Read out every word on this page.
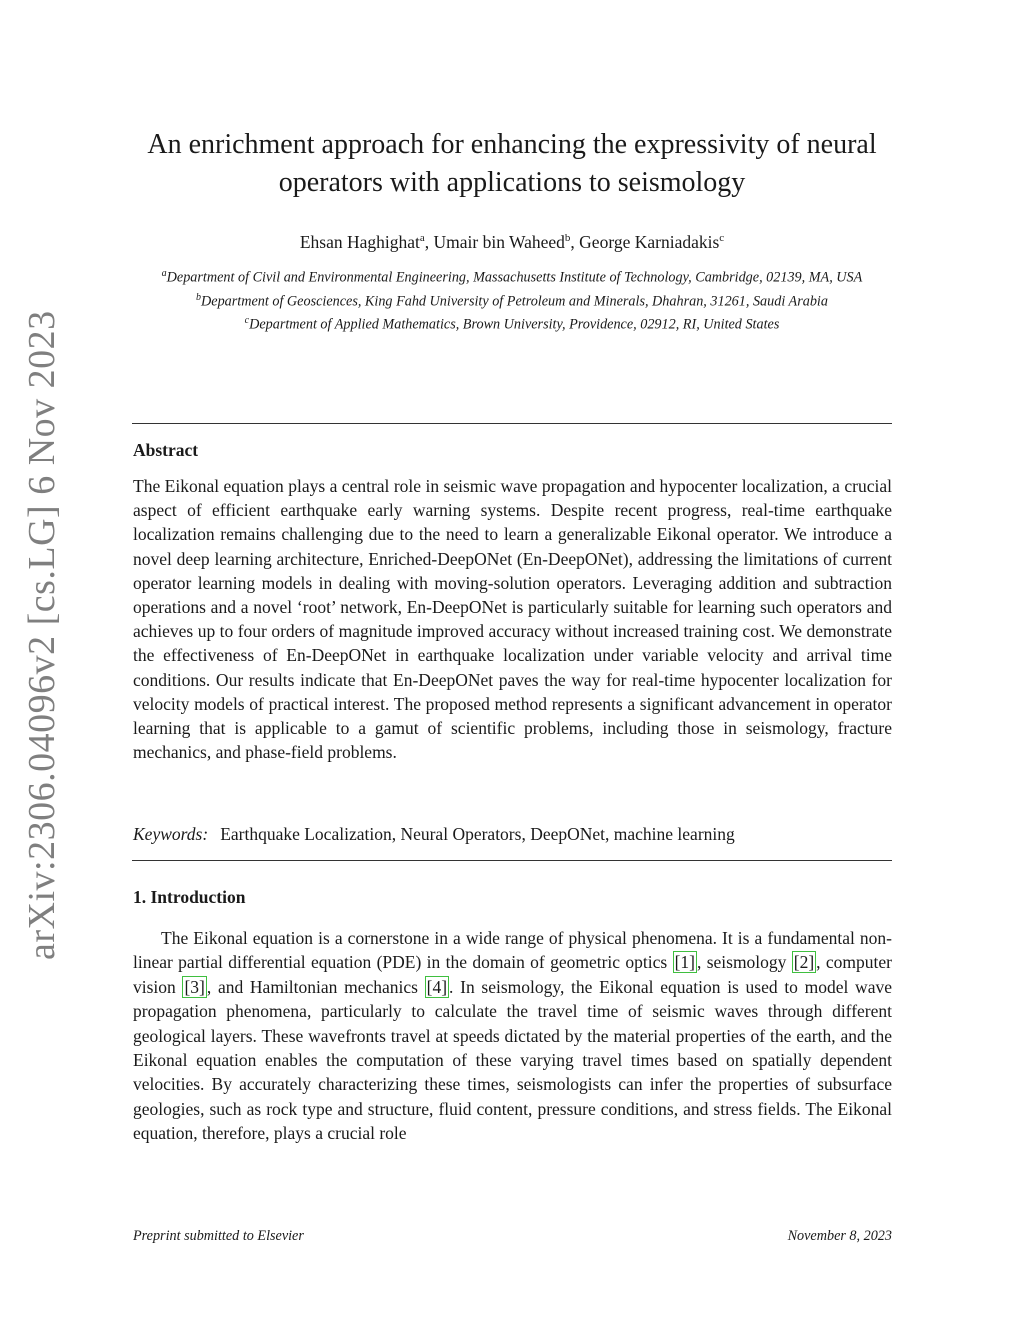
arXiv:2306.04096v2 [cs.LG] 6 Nov 2023
An enrichment approach for enhancing the expressivity of neural operators with applications to seismology
Ehsan Haghighat$^a$, Umair bin Waheed$^b$, George Karniadakis$^c$

$^a$Department of Civil and Environmental Engineering, Massachusetts Institute of Technology, Cambridge, 02139, MA, USA

$^b$Department of Geosciences, King Fahd University of Petroleum and Minerals, Dhahran, 31261, Saudi Arabia

$^c$Department of Applied Mathematics, Brown University, Providence, 02912, RI, United States

Abstract
The Eikonal equation plays a central role in seismic wave propagation and hypocenter localization, a crucial aspect of efficient earthquake early warning systems. Despite recent progress, real-time earthquake localization remains challenging due to the need to learn a generalizable Eikonal operator. We introduce a novel deep learning architecture, Enriched-DeepONet (En-DeepONet), addressing the limitations of current operator learning models in dealing with moving-solution operators. Leveraging addition and subtraction operations and a novel ‘root’ network, En-DeepONet is particularly suitable for learning such operators and achieves up to four orders of magnitude improved accuracy without increased training cost. We demonstrate the effectiveness of En-DeepONet in earthquake localization under variable velocity and arrival time conditions. Our results indicate that En-DeepONet paves the way for real-time hypocenter localization for velocity models of practical interest. The proposed method represents a significant advancement in operator learning that is applicable to a gamut of scientific problems, including those in seismology, fracture mechanics, and phase-field problems.
Keywords: Earthquake Localization, Neural Operators, DeepONet, machine learning
1. Introduction
The Eikonal equation is a cornerstone in a wide range of physical phenomena. It is a fundamental non-linear partial differential equation (PDE) in the domain of geometric optics [1] , seismology [2] , computer vision [3] , and Hamiltonian mechanics [4] . In seismology, the Eikonal equation is used to model wave propagation phenomena, particularly to calculate the travel time of seismic waves through different geological layers. These wavefronts travel at speeds dictated by the material properties of the earth, and the Eikonal equation enables the computation of these varying travel times based on spatially dependent velocities. By accurately characterizing these times, seismologists can infer the properties of subsurface geologies, such as rock type and structure, fluid content, pressure conditions, and stress fields. The Eikonal equation, therefore, plays a crucial role
Preprint submitted to Elsevier	November 8, 2023
